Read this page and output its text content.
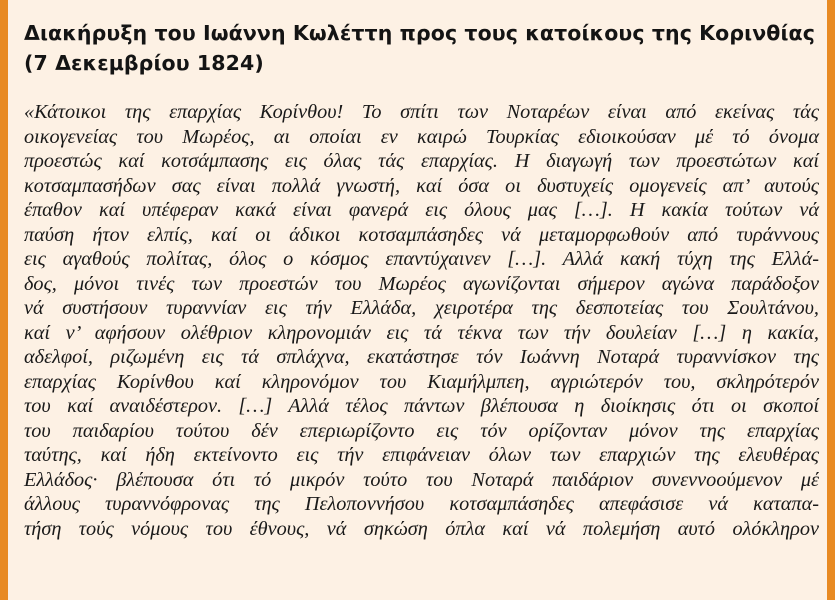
Διακήρυξη του Ιωάννη Κωλέττη προς τους κατοίκους της Κορινθίας
(7 Δεκεμβρίου 1824)
«Κάτοικοι της επαρχίας Κορίνθου! Το σπίτι των Νοταρέων είναι από εκείνας τάς
οικογενείας του Μωρέος, αι οποίαι εν καιρώ Τουρκίας εδιοικούσαν μέ τό όνομα
προεστώς καί κοτσάμπασης εις όλας τάς επαρχίας. Η διαγωγή των προεστώτων καί
κοτσαμπασήδων σας είναι πολλά γνωστή, καί όσα οι δυστυχείς ομογενείς απ’ αυτούς
έπαθον καί υπέφεραν κακά είναι φανερά εις όλους μας […]. Η κακία τούτων νά
παύση ήτον ελπίς, καί οι άδικοι κοτσαμπάσηδες νά μεταμορφωθούν από τυράννους
εις αγαθούς πολίτας, όλος ο κόσμος επαντύχαινεν […]. Αλλά κακή τύχη της Ελλά-
δος, μόνοι τινές των προεστών του Μωρέος αγωνίζονται σήμερον αγώνα παράδοξον
νά συστήσουν τυραννίαν εις τήν Ελλάδα, χειροτέρα της δεσποτείας του Σουλτάνου,
καί ν’ αφήσουν ολέθριον κληρονομιάν εις τά τέκνα των τήν δουλείαν […] η κακία,
αδελφοί, ριζωμένη εις τά σπλάχνα, εκατάστησε τόν Ιωάννη Νοταρά τυραννίσκον της
επαρχίας Κορίνθου καί κληρονόμον του Κιαμήλμπεη, αγριώτερόν του, σκληρότερόν
του καί αναιδέστερον. […] Αλλά τέλος πάντων βλέπουσα η διοίκησις ότι οι σκοποί
του παιδαρίου τούτου δέν επεριωρίζοντο εις τόν ορίζονταν μόνον της επαρχίας
ταύτης, καί ήδη εκτείνοντο εις τήν επιφάνειαν όλων των επαρχιών της ελευθέρας
Ελλάδος· βλέπουσα ότι τό μικρόν τούτο του Νοταρά παιδάριον συνεννοούμενον μέ
άλλους τυραννόφρονας της Πελοποννήσου κοτσαμπάσηδες απεφάσισε νά καταπα-
τήση τούς νόμους του έθνους, νά σηκώση όπλα καί νά πολεμήση αυτό ολόκληρον
